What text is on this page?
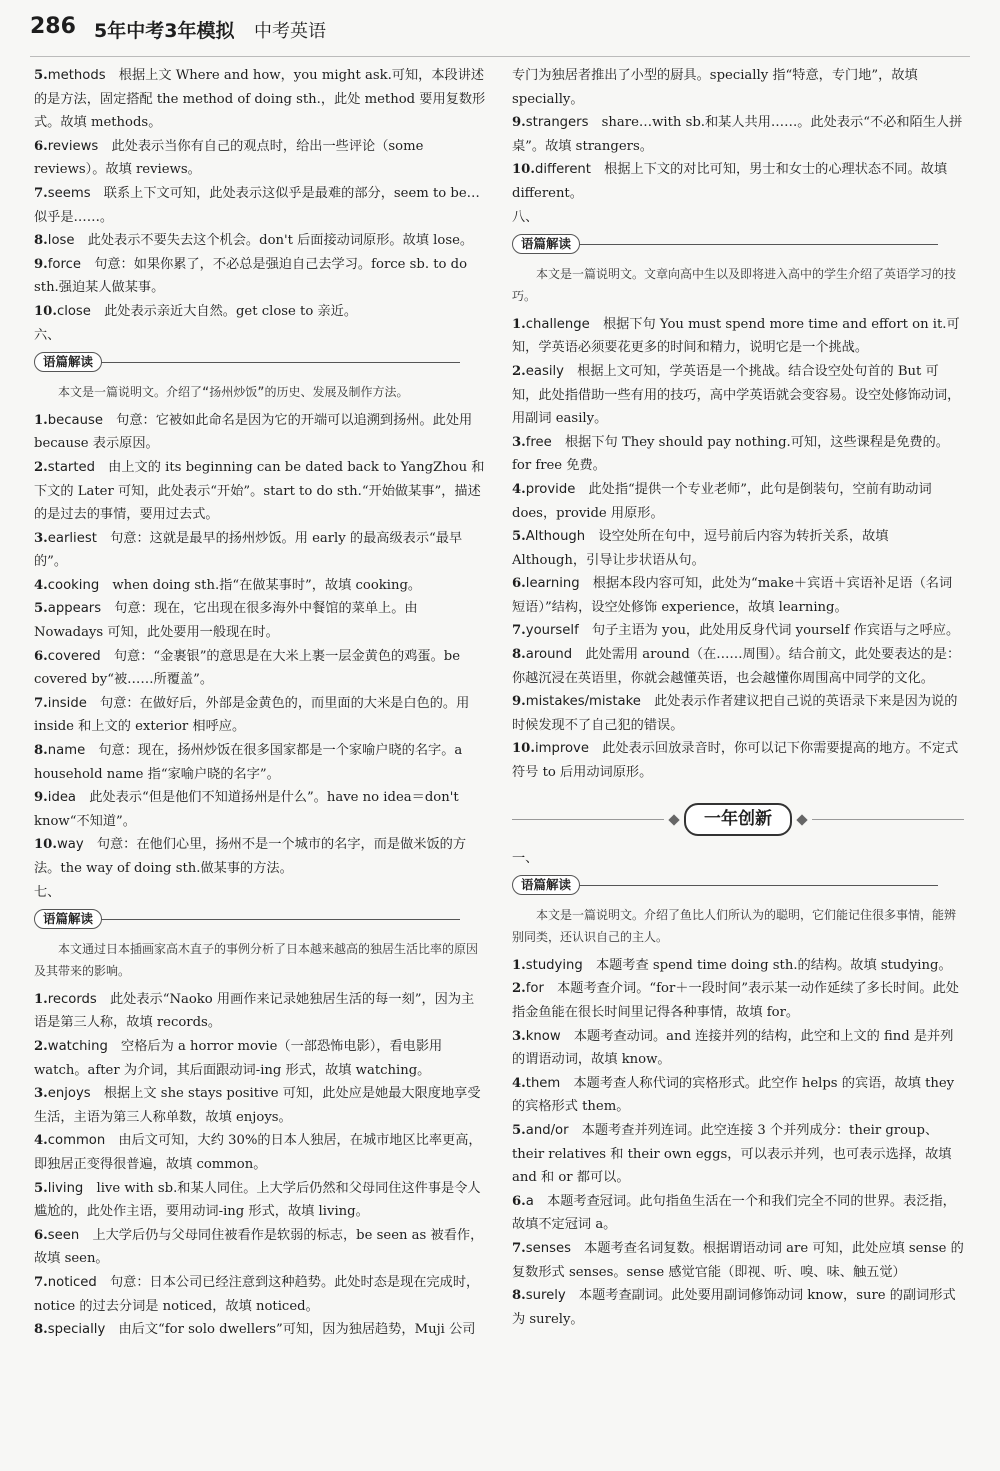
286 5年中考3年模拟 中考英语

5.methods  根据上文 Where and how，you might ask.可知，本段讲述的是方法，固定搭配 the method of doing sth.，此处 method 要用复数形式。故填 methods。

6.reviews  此处表示当你有自己的观点时，给出一些评论（some reviews）。故填 reviews。

7.seems  联系上下文可知，此处表示这似乎是最难的部分，seem to be…似乎是……。

8.lose  此处表示不要失去这个机会。don't 后面接动词原形。故填 lose。

9.force  句意：如果你累了，不必总是强迫自己去学习。force sb. to do sth.强迫某人做某事。

10.close  此处表示亲近大自然。get close to 亲近。

六、

语篇解读

本文是一篇说明文。介绍了“扬州炒饭”的历史、发展及制作方法。

1.because  句意：它被如此命名是因为它的开端可以追溯到扬州。此处用 because 表示原因。

2.started  由上文的 its beginning can be dated back to YangZhou 和下文的 Later 可知，此处表示“开始”。start to do sth.“开始做某事”，描述的是过去的事情，要用过去式。

3.earliest  句意：这就是最早的扬州炒饭。用 early 的最高级表示“最早的”。

4.cooking  when doing sth.指“在做某事时”，故填 cooking。

5.appears  句意：现在，它出现在很多海外中餐馆的菜单上。由 Nowadays 可知，此处要用一般现在时。

6.covered  句意：“金裹银”的意思是在大米上裹一层金黄色的鸡蛋。be covered by“被……所覆盖”。

7.inside  句意：在做好后，外部是金黄色的，而里面的大米是白色的。用 inside 和上文的 exterior 相呼应。

8.name  句意：现在，扬州炒饭在很多国家都是一个家喻户晓的名字。a household name 指“家喻户晓的名字”。

9.idea  此处表示“但是他们不知道扬州是什么”。have no idea＝don't know“不知道”。

10.way  句意：在他们心里，扬州不是一个城市的名字，而是做米饭的方法。the way of doing sth.做某事的方法。

七、

语篇解读

本文通过日本插画家高木直子的事例分析了日本越来越高的独居生活比率的原因及其带来的影响。

1.records  此处表示“Naoko 用画作来记录她独居生活的每一刻”，因为主语是第三人称，故填 records。

2.watching  空格后为 a horror movie（一部恐怖电影），看电影用 watch。after 为介词，其后面跟动词-ing 形式，故填 watching。

3.enjoys  根据上文 she stays positive 可知，此处应是她最大限度地享受生活，主语为第三人称单数，故填 enjoys。

4.common  由后文可知，大约 30%的日本人独居，在城市地区比率更高，即独居正变得很普遍，故填 common。

5.living  live with sb.和某人同住。上大学后仍然和父母同住这件事是令人尴尬的，此处作主语，要用动词-ing 形式，故填 living。

6.seen  上大学后仍与父母同住被看作是软弱的标志，be seen as 被看作，故填 seen。

7.noticed  句意：日本公司已经注意到这种趋势。此处时态是现在完成时，notice 的过去分词是 noticed，故填 noticed。

8.specially  由后文“for solo dwellers”可知，因为独居趋势，Muji 公司

专门为独居者推出了小型的厨具。specially 指“特意，专门地”，故填 specially。

9.strangers  share…with sb.和某人共用……。此处表示“不必和陌生人拼桌”。故填 strangers。

10.different  根据上下文的对比可知，男士和女士的心理状态不同。故填 different。

八、

语篇解读

本文是一篇说明文。文章向高中生以及即将进入高中的学生介绍了英语学习的技巧。

1.challenge  根据下句 You must spend more time and effort on it.可知，学英语必须要花更多的时间和精力，说明它是一个挑战。

2.easily  根据上文可知，学英语是一个挑战。结合设空处句首的 But 可知，此处指借助一些有用的技巧，高中学英语就会变容易。设空处修饰动词，用副词 easily。

3.free  根据下句 They should pay nothing.可知，这些课程是免费的。for free 免费。

4.provide  此处指“提供一个专业老师”，此句是倒装句，空前有助动词 does，provide 用原形。

5.Although  设空处所在句中，逗号前后内容为转折关系，故填 Although，引导让步状语从句。

6.learning  根据本段内容可知，此处为“make＋宾语＋宾语补足语（名词短语）”结构，设空处修饰 experience，故填 learning。

7.yourself  句子主语为 you，此处用反身代词 yourself 作宾语与之呼应。

8.around  此处需用 around（在……周围）。结合前文，此处要表达的是：你越沉浸在英语里，你就会越懂英语，也会越懂你周围高中同学的文化。

9.mistakes/mistake  此处表示作者建议把自己说的英语录下来是因为说的时候发现不了自己犯的错误。

10.improve  此处表示回放录音时，你可以记下你需要提高的地方。不定式符号 to 后用动词原形。

一年创新

一、

语篇解读

本文是一篇说明文。介绍了鱼比人们所认为的聪明，它们能记住很多事情，能辨别同类，还认识自己的主人。

1.studying  本题考查 spend time doing sth.的结构。故填 studying。

2.for  本题考查介词。“for＋一段时间”表示某一动作延续了多长时间。此处指金鱼能在很长时间里记得各种事情，故填 for。

3.know  本题考查动词。and 连接并列的结构，此空和上文的 find 是并列的谓语动词，故填 know。

4.them  本题考查人称代词的宾格形式。此空作 helps 的宾语，故填 they 的宾格形式 them。

5.and/or  本题考查并列连词。此空连接 3 个并列成分：their group、their relatives 和 their own eggs，可以表示并列，也可表示选择，故填 and 和 or 都可以。

6.a  本题考查冠词。此句指鱼生活在一个和我们完全不同的世界。表泛指，故填不定冠词 a。

7.senses  本题考查名词复数。根据谓语动词 are 可知，此处应填 sense 的复数形式 senses。sense 感觉官能（即视、听、嗅、味、触五觉）

8.surely  本题考查副词。此处要用副词修饰动词 know，sure 的副词形式为 surely。
